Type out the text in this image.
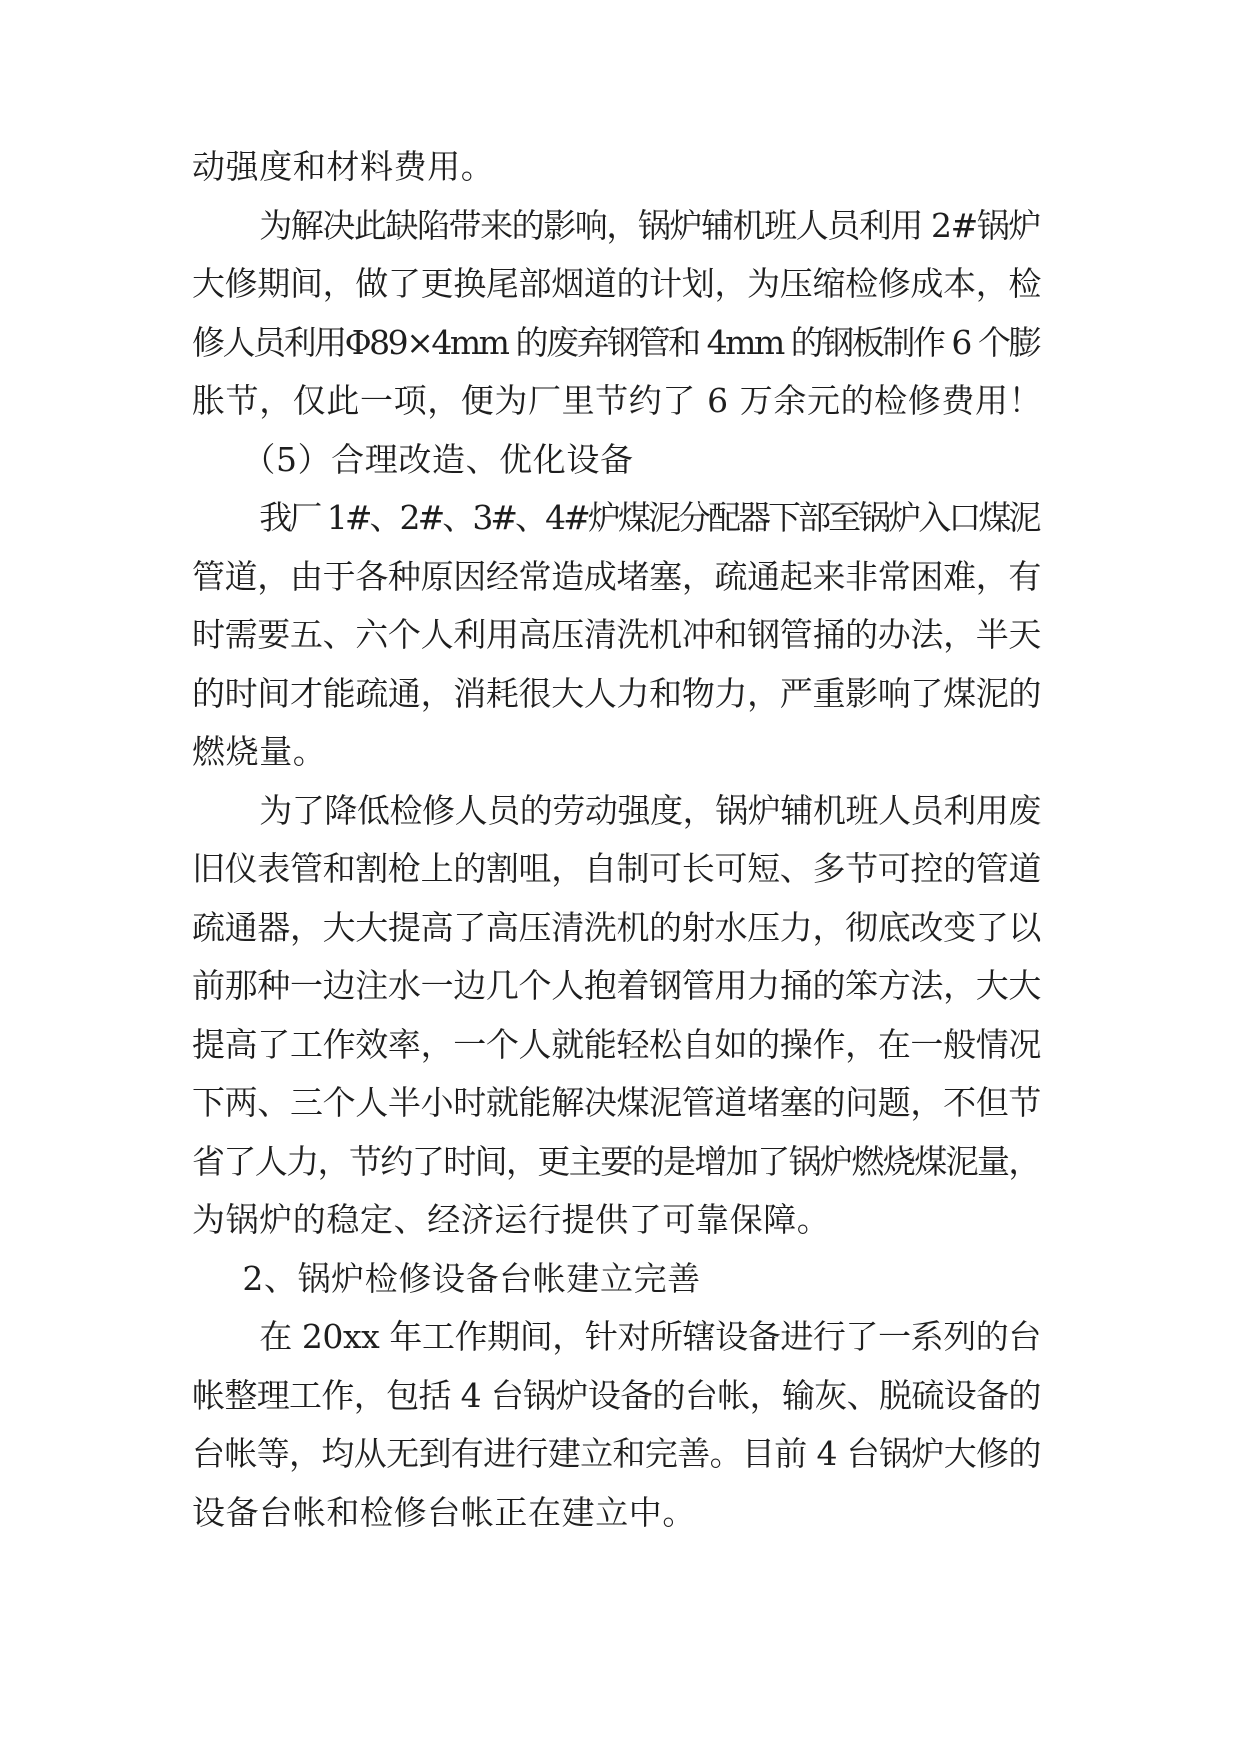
动强度和材料费用。
为解决此缺陷带来的影响，锅炉辅机班人员利用 2#锅炉
大修期间，做了更换尾部烟道的计划，为压缩检修成本，检
修人员利用Φ89×4mm 的废弃钢管和 4mm 的钢板制作 6 个膨
胀节，仅此一项，便为厂里节约了 6 万余元的检修费用！
（5）合理改造、优化设备
我厂 1#、2#、3#、4#炉煤泥分配器下部至锅炉入口煤泥
管道，由于各种原因经常造成堵塞，疏通起来非常困难，有
时需要五、六个人利用高压清洗机冲和钢管捅的办法，半天
的时间才能疏通，消耗很大人力和物力，严重影响了煤泥的
燃烧量。
为了降低检修人员的劳动强度，锅炉辅机班人员利用废
旧仪表管和割枪上的割咀，自制可长可短、多节可控的管道
疏通器，大大提高了高压清洗机的射水压力，彻底改变了以
前那种一边注水一边几个人抱着钢管用力捅的笨方法，大大
提高了工作效率，一个人就能轻松自如的操作，在一般情况
下两、三个人半小时就能解决煤泥管道堵塞的问题，不但节
省了人力，节约了时间，更主要的是增加了锅炉燃烧煤泥量，
为锅炉的稳定、经济运行提供了可靠保障。
2、锅炉检修设备台帐建立完善
在 20xx 年工作期间，针对所辖设备进行了一系列的台
帐整理工作，包括 4 台锅炉设备的台帐，输灰、脱硫设备的
台帐等，均从无到有进行建立和完善。目前 4 台锅炉大修的
设备台帐和检修台帐正在建立中。
